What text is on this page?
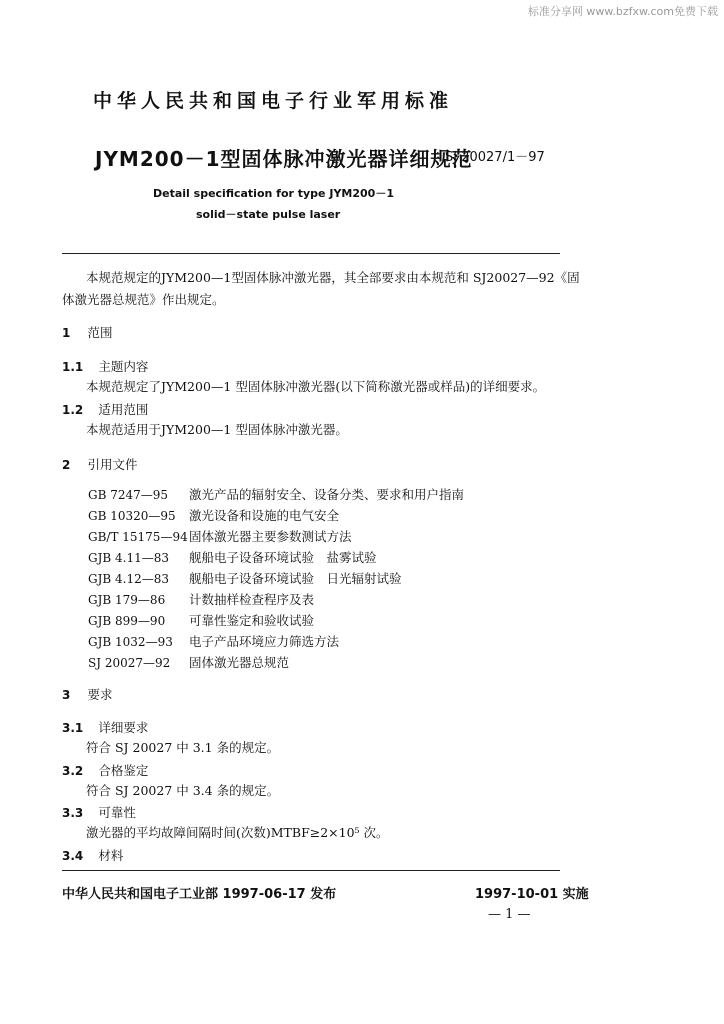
标准分享网 www.bzfxw.com免费下载
中华人民共和国电子行业军用标准
JYM200－1型固体脉冲激光器详细规范
SJ 20027/1－97
Detail specification for type JYM200－1
solid－state pulse laser
本规范规定的JYM200—1型固体脉冲激光器，其全部要求由本规范和 SJ20027—92《固
体激光器总规范》作出规定。
1 范围
1.1 主题内容
本规范规定了JYM200—1 型固体脉冲激光器(以下简称激光器或样品)的详细要求。
1.2 适用范围
本规范适用于JYM200—1 型固体脉冲激光器。
2 引用文件
GB 7247—95 激光产品的辐射安全、设备分类、要求和用户指南
GB 10320—95 激光设备和设施的电气安全
GB/T 15175—94固体激光器主要参数测试方法
GJB 4.11—83 舰船电子设备环境试验　盐雾试验
GJB 4.12—83 舰船电子设备环境试验　日光辐射试验
GJB 179—86 计数抽样检查程序及表
GJB 899—90 可靠性鉴定和验收试验
GJB 1032—93 电子产品环境应力筛选方法
SJ 20027—92 固体激光器总规范
3 要求
3.1 详细要求
符合 SJ 20027 中 3.1 条的规定。
3.2 合格鉴定
符合 SJ 20027 中 3.4 条的规定。
3.3 可靠性
激光器的平均故障间隔时间(次数)MTBF≥2×10⁵ 次。
3.4 材料
中华人民共和国电子工业部 1997-06-17 发布	1997-10-01 实施
— 1 —
